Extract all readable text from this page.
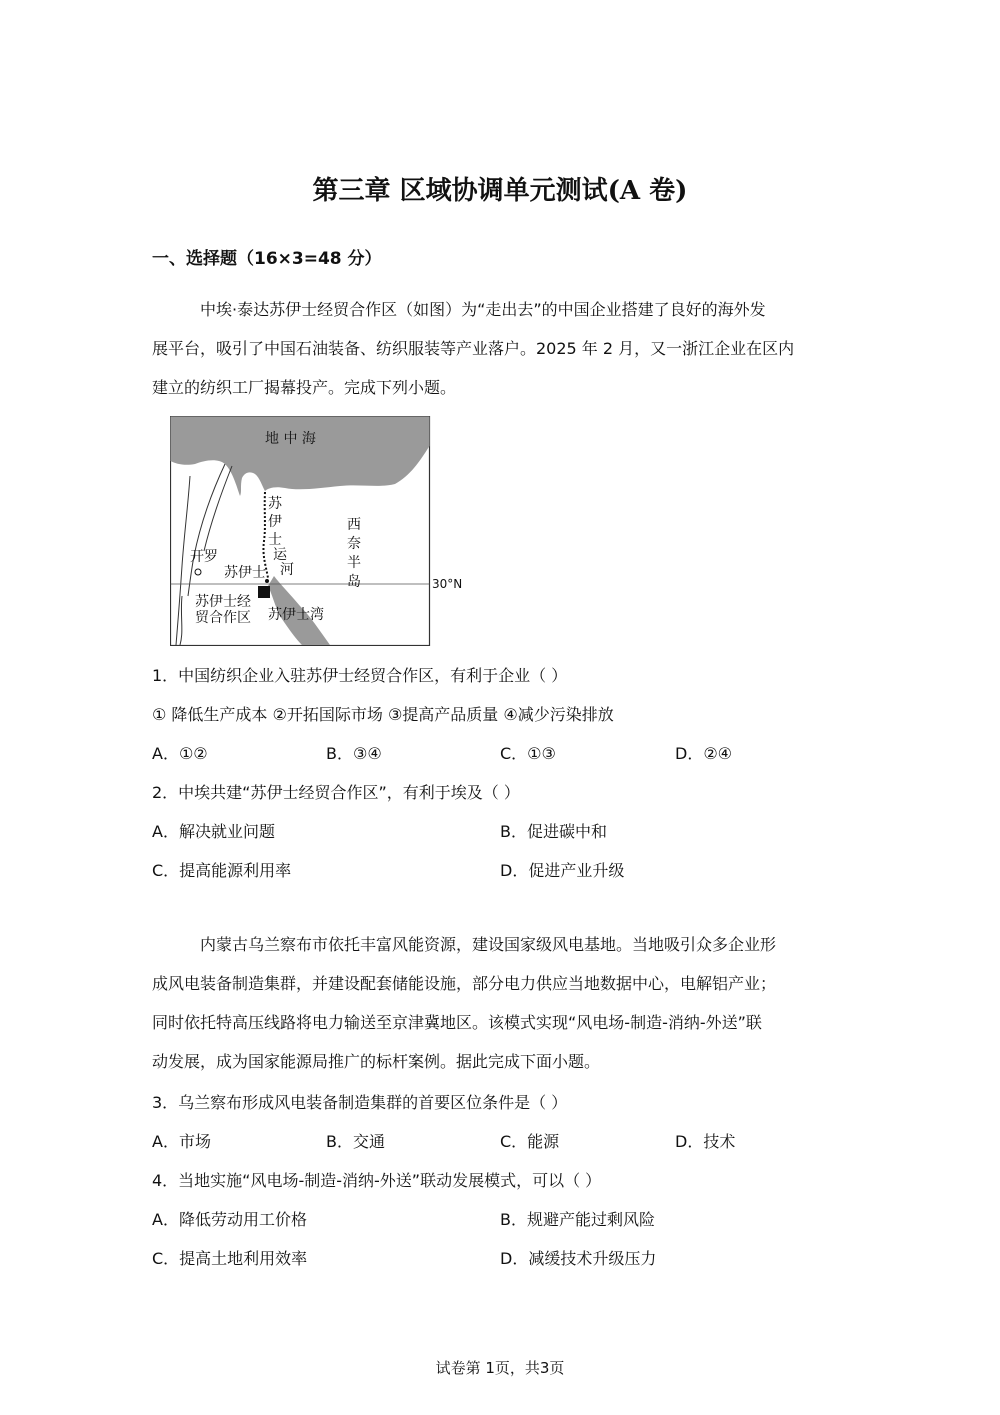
第三章 区域协调单元测试(A 卷)
一、选择题（16×3=48 分）
中埃·泰达苏伊士经贸合作区（如图）为“走出去”的中国企业搭建了良好的海外发
展平台，吸引了中国石油装备、纺织服装等产业落户。2025 年 2 月，又一浙江企业在区内
建立的纺织工厂揭幕投产。完成下列小题。
地 中 海
苏
伊
士
运
河
西
奈
半
岛
开罗
苏伊士
苏伊士经
贸合作区 苏伊士湾
30°N
1．中国纺织企业入驻苏伊士经贸合作区，有利于企业（ ）
① 降低生产成本 ②开拓国际市场 ③提高产品质量 ④减少污染排放
A．①②	B．③④	C．①③	D．②④
2．中埃共建“苏伊士经贸合作区”，有利于埃及（ ）
A．解决就业问题	B．促进碳中和
C．提高能源利用率	D．促进产业升级
内蒙古乌兰察布市依托丰富风能资源，建设国家级风电基地。当地吸引众多企业形
成风电装备制造集群，并建设配套储能设施，部分电力供应当地数据中心，电解铝产业；
同时依托特高压线路将电力输送至京津冀地区。该模式实现“风电场-制造-消纳-外送”联
动发展，成为国家能源局推广的标杆案例。据此完成下面小题。
3．乌兰察布形成风电装备制造集群的首要区位条件是（ ）
A．市场	B．交通	C．能源	D．技术
4．当地实施“风电场-制造-消纳-外送”联动发展模式，可以（ ）
A．降低劳动用工价格	B．规避产能过剩风险
C．提高土地利用效率	D．减缓技术升级压力
试卷第 1页，共3页
